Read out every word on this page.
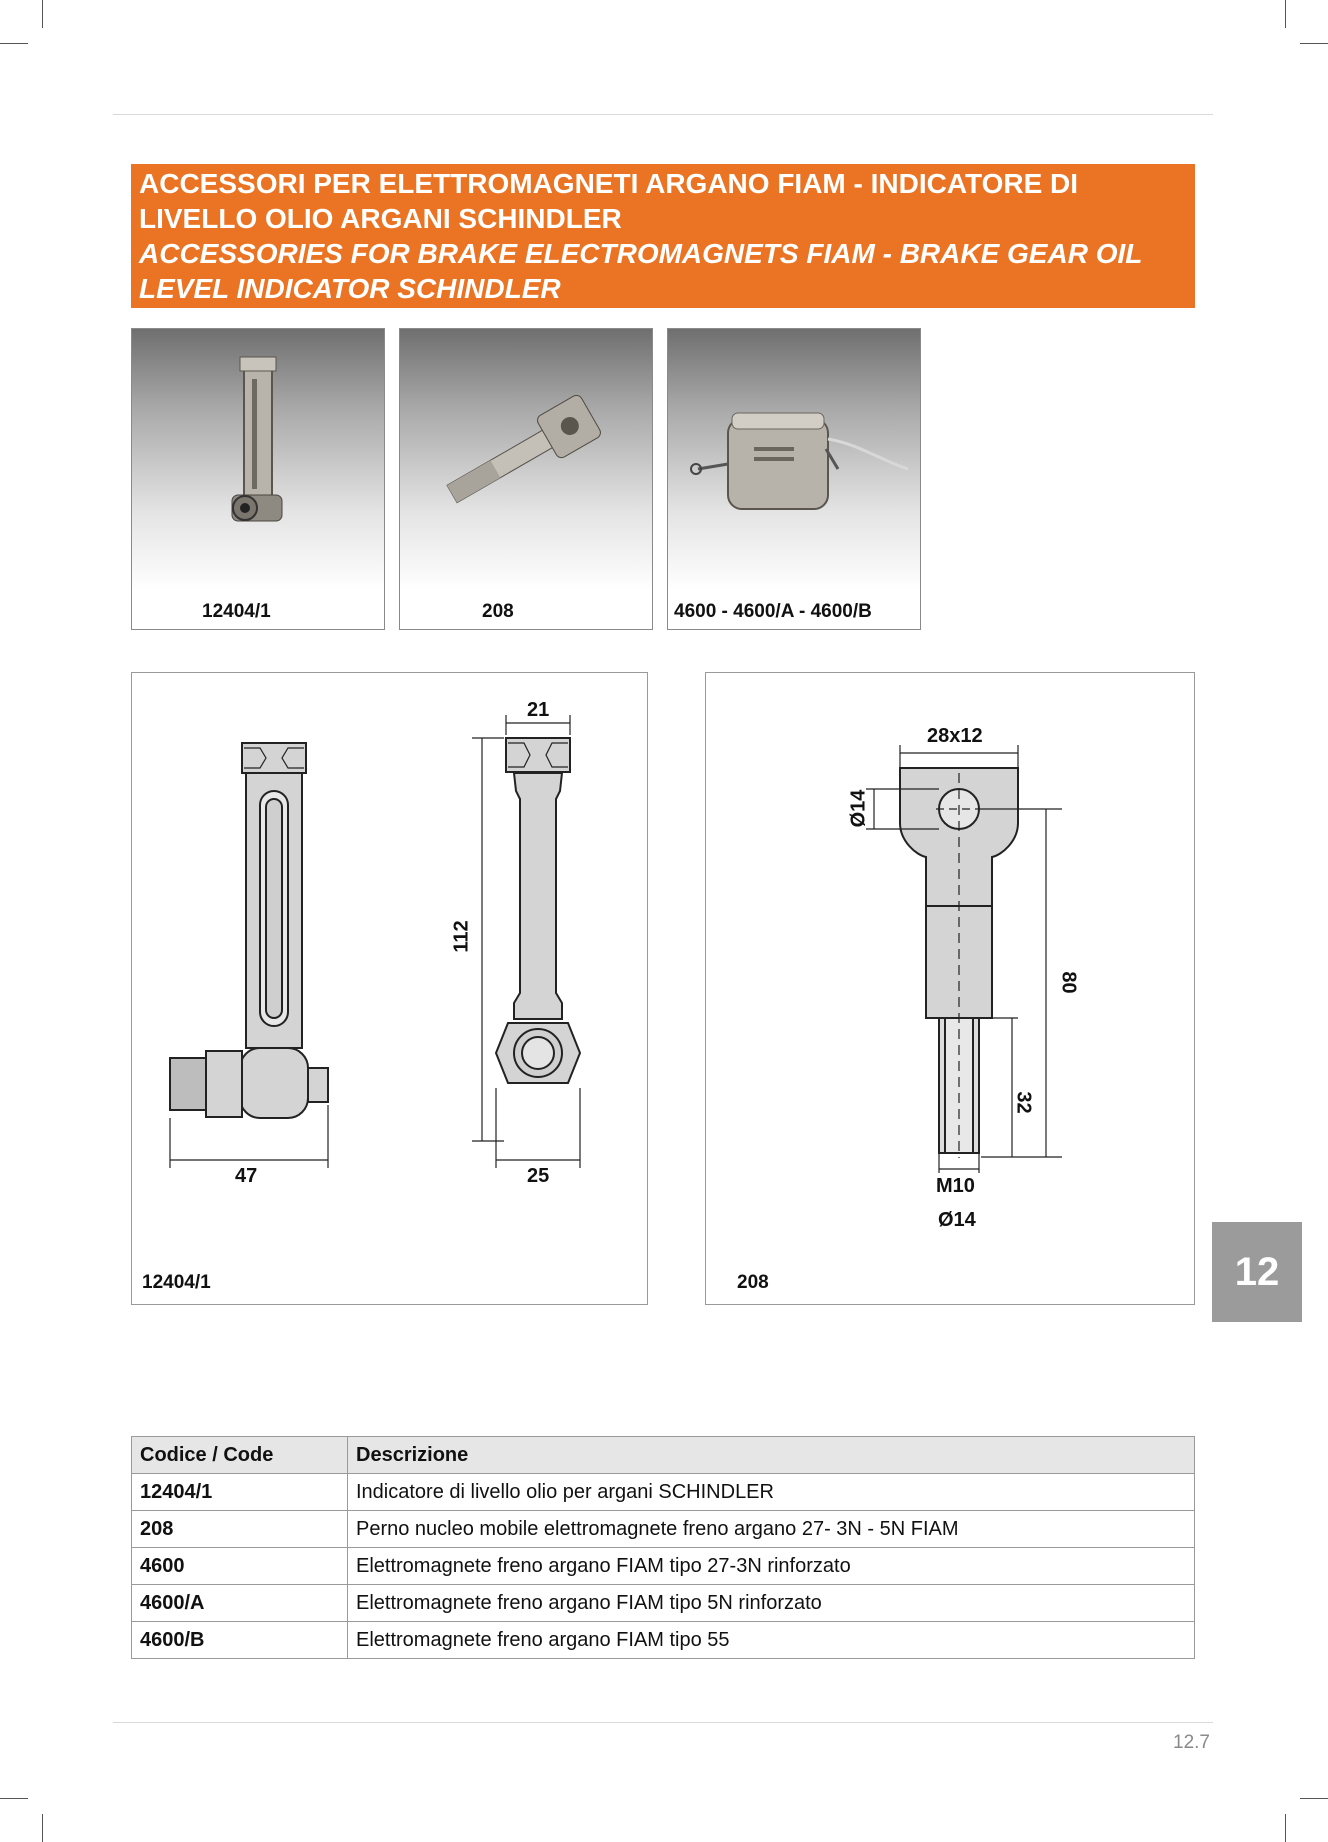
ACCESSORI PER ELETTROMAGNETI ARGANO FIAM - INDICATORE DI
LIVELLO OLIO ARGANI SCHINDLER
ACCESSORIES FOR BRAKE ELECTROMAGNETS FIAM - BRAKE GEAR OIL
LEVEL INDICATOR SCHINDLER
12404/1	208	4600 - 4600/A - 4600/B
21
112
47	25
12404/1
28x12
Ø14
80
32
M10
Ø14
208	12
Codice / Code	Descrizione
12404/1	Indicatore di livello olio per argani SCHINDLER
208	Perno nucleo mobile elettromagnete freno argano 27- 3N - 5N FIAM
4600	Elettromagnete freno argano FIAM tipo 27-3N rinforzato
4600/A	Elettromagnete freno argano FIAM tipo 5N rinforzato
4600/B	Elettromagnete freno argano FIAM tipo 55
12.7
